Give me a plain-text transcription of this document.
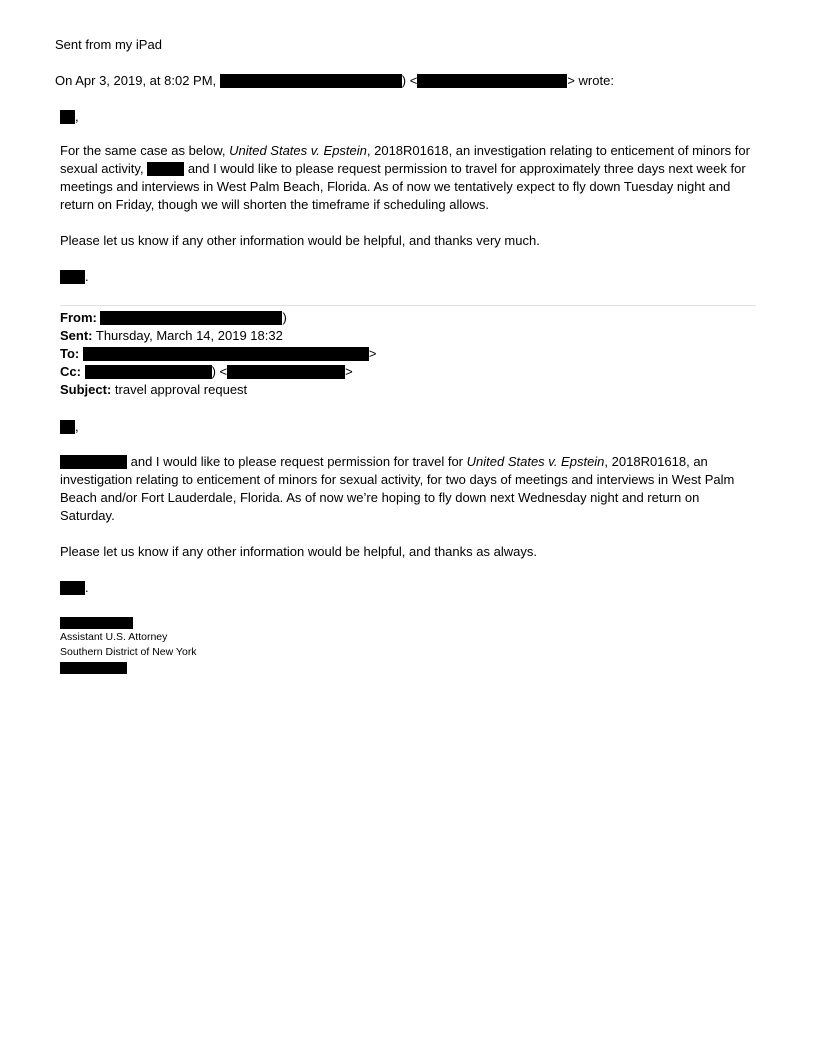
Sent from my iPad
On Apr 3, 2019, at 8:02 PM,	) <	> wrote:
,
For the same case as below, United States v. Epstein, 2018R01618, an investigation relating to enticement of minors for sexual activity,	and I would like to please request permission to travel for approximately three days next week for meetings and interviews in West Palm Beach, Florida. As of now we tentatively expect to fly down Tuesday night and return on Friday, though we will shorten the timeframe if scheduling allows.
Please let us know if any other information would be helpful, and thanks very much.
.
From:	)
Sent: Thursday, March 14, 2019 18:32
To:	>
Cc:	) <	>
Subject: travel approval request
,
and I would like to please request permission for travel for United States v. Epstein, 2018R01618, an investigation relating to enticement of minors for sexual activity, for two days of meetings and interviews in West Palm Beach and/or Fort Lauderdale, Florida. As of now we’re hoping to fly down next Wednesday night and return on Saturday.
Please let us know if any other information would be helpful, and thanks as always.
.
Assistant U.S. Attorney
Southern District of New York
